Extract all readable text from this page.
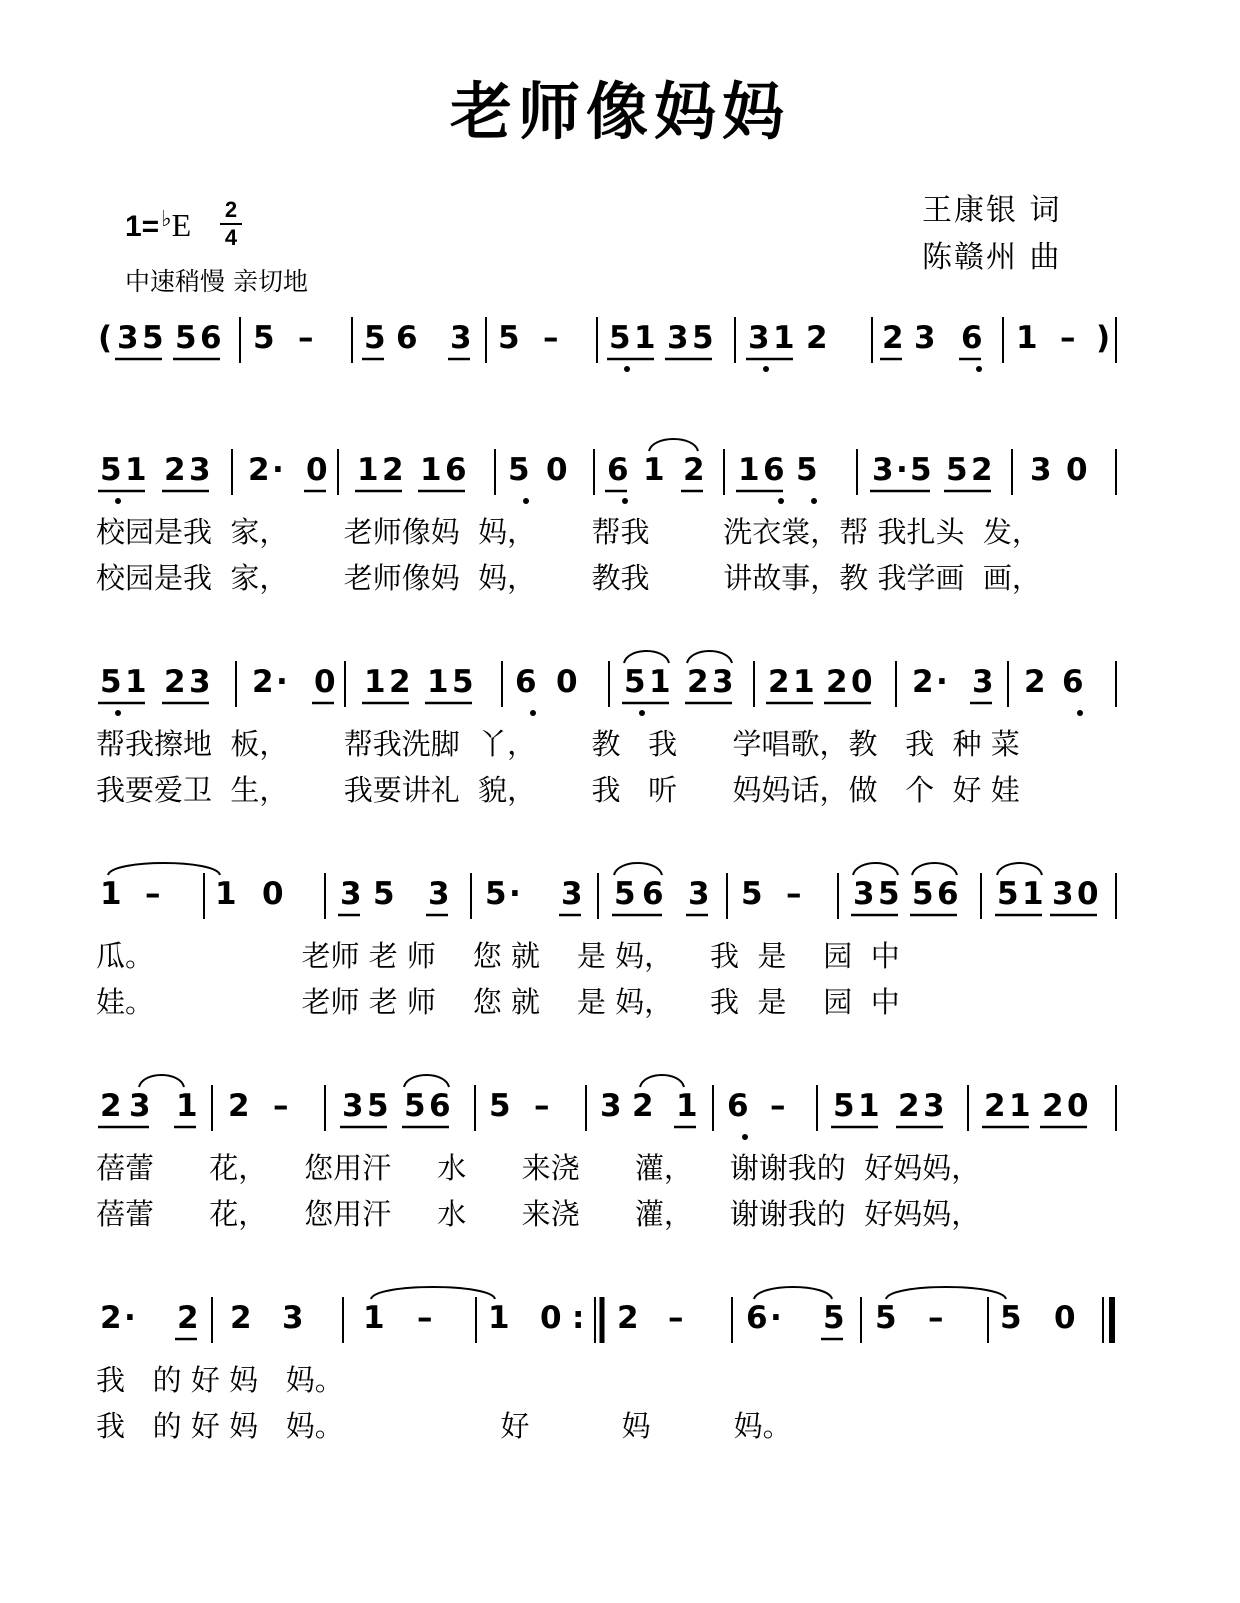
老师像妈妈
1=♭E 2
4
中速稍慢 亲切地
王康银 词
陈赣州 曲
( 3 5 5 6 5 – 5 6 3 5 – 5 1 3 5 3 1 2 2 3 6 1 – )
5 1 2 3 2 · 0 1 2 1 6 5 0 6 1 2 1 6 5 3 · 5 5 2 3 0
5 1 2 3 2 · 0 1 2 1 5 6 0 5 1 2 3 2 1 2 0 2 · 3 2 6
1 – 1 0 3 5 3 5 · 3 5 6 3 5 – 3 5 5 6 5 1 3 0
2 3 1 2 – 3 5 5 6 5 – 3 2 1 6 – 5 1 2 3 2 1 2 0
2 · 2 2 3 1 – 1 0 : 2 – 6 · 5 5 – 5 0
校园是我  家，      老师像妈  妈，      帮我        洗衣裳，帮 我扎头  发，
校园是我  家，      老师像妈  妈，      教我        讲故事，教 我学画  画，
帮我擦地  板，      帮我洗脚  丫，      教   我      学唱歌，教   我  种 菜
我要爱卫  生，      我要讲礼  貌，      我   听      妈妈话，做   个  好 娃
瓜。                老师 老 师    您 就    是 妈，    我  是    园  中
娃。                老师 老 师    您 就    是 妈，    我  是    园  中
蓓蕾      花，    您用汗     水      来浇      灌，    谢谢我的  好妈妈，
蓓蕾      花，    您用汗     水      来浇      灌，    谢谢我的  好妈妈，
我   的 好 妈   妈。
我   的 好 妈   妈。                 好          妈         妈。
